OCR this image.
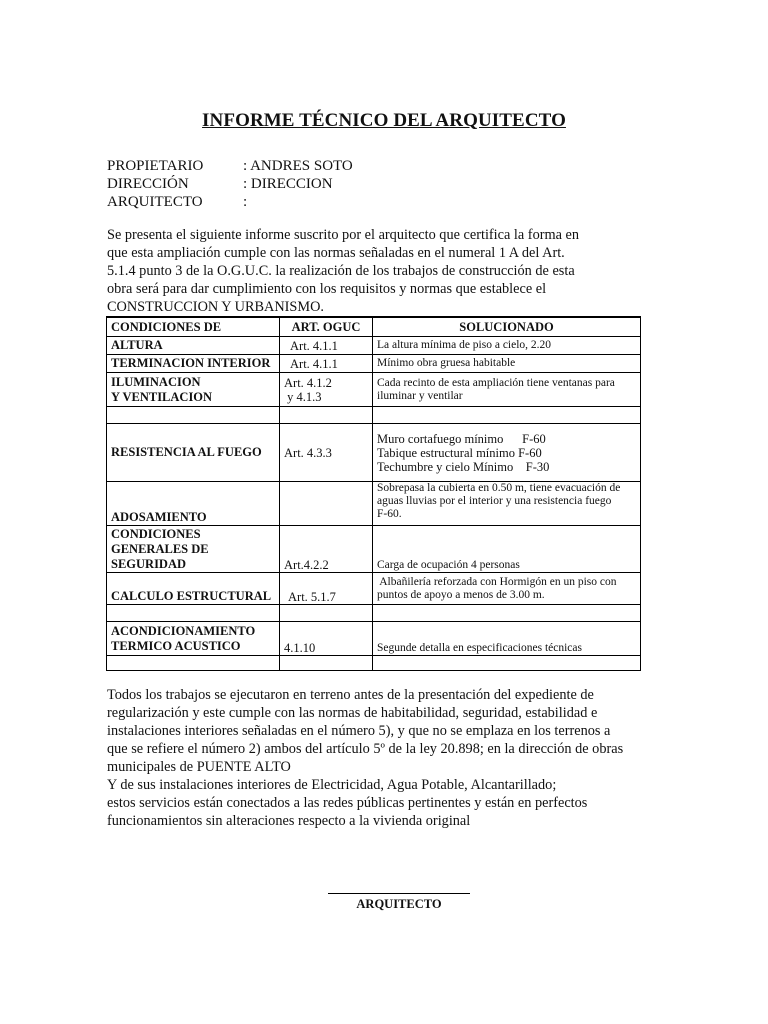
INFORME TÉCNICO DEL ARQUITECTO
PROPIETARIO	: ANDRES SOTO
DIRECCIÓN	: DIRECCION
ARQUITECTO	:
Se presenta el siguiente informe suscrito por el arquitecto que certifica la forma en
que esta ampliación cumple con las normas señaladas en el numeral 1 A del Art.
5.1.4 punto 3 de la O.G.U.C. la realización de los trabajos de construcción de esta
obra será para dar cumplimiento con los requisitos y normas que establece el
CONSTRUCCION Y URBANISMO.
CONDICIONES DE	ART. OGUC	SOLUCIONADO
ALTURA	Art. 4.1.1	La altura mínima de piso a cielo, 2.20
TERMINACION INTERIOR	Art. 4.1.1	Mínimo obra gruesa habitable
ILUMINACION
Y VENTILACION	Art. 4.1.2
y 4.1.3	Cada recinto de esta ampliación tiene ventanas para
iluminar y ventilar

RESISTENCIA AL FUEGO	Art. 4.3.3	Muro cortafuego mínimo      F-60
Tabique estructural mínimo F-60
Techumbre y cielo Mínimo    F-30
ADOSAMIENTO		Sobrepasa la cubierta en 0.50 m, tiene evacuación de
aguas lluvias por el interior y una resistencia fuego
F-60.
CONDICIONES
GENERALES DE
SEGURIDAD	Art.4.2.2	Carga de ocupación 4 personas
CALCULO ESTRUCTURAL	Art. 5.1.7	Albañilería reforzada con Hormigón en un piso con
puntos de apoyo a menos de 3.00 m.

ACONDICIONAMIENTO
TERMICO ACUSTICO	4.1.10	Segunde detalla en especificaciones técnicas

Todos los trabajos se ejecutaron en terreno antes de la presentación del expediente de
regularización y este cumple con las normas de habitabilidad, seguridad, estabilidad e
instalaciones interiores señaladas en el número 5), y que no se emplaza en los terrenos a
que se refiere el número 2) ambos del artículo 5º de la ley 20.898; en la dirección de obras
municipales de PUENTE ALTO
Y de sus instalaciones interiores de Electricidad, Agua Potable, Alcantarillado;
estos servicios están conectados a las redes públicas pertinentes y están en perfectos
funcionamientos sin alteraciones respecto a la vivienda original
ARQUITECTO
